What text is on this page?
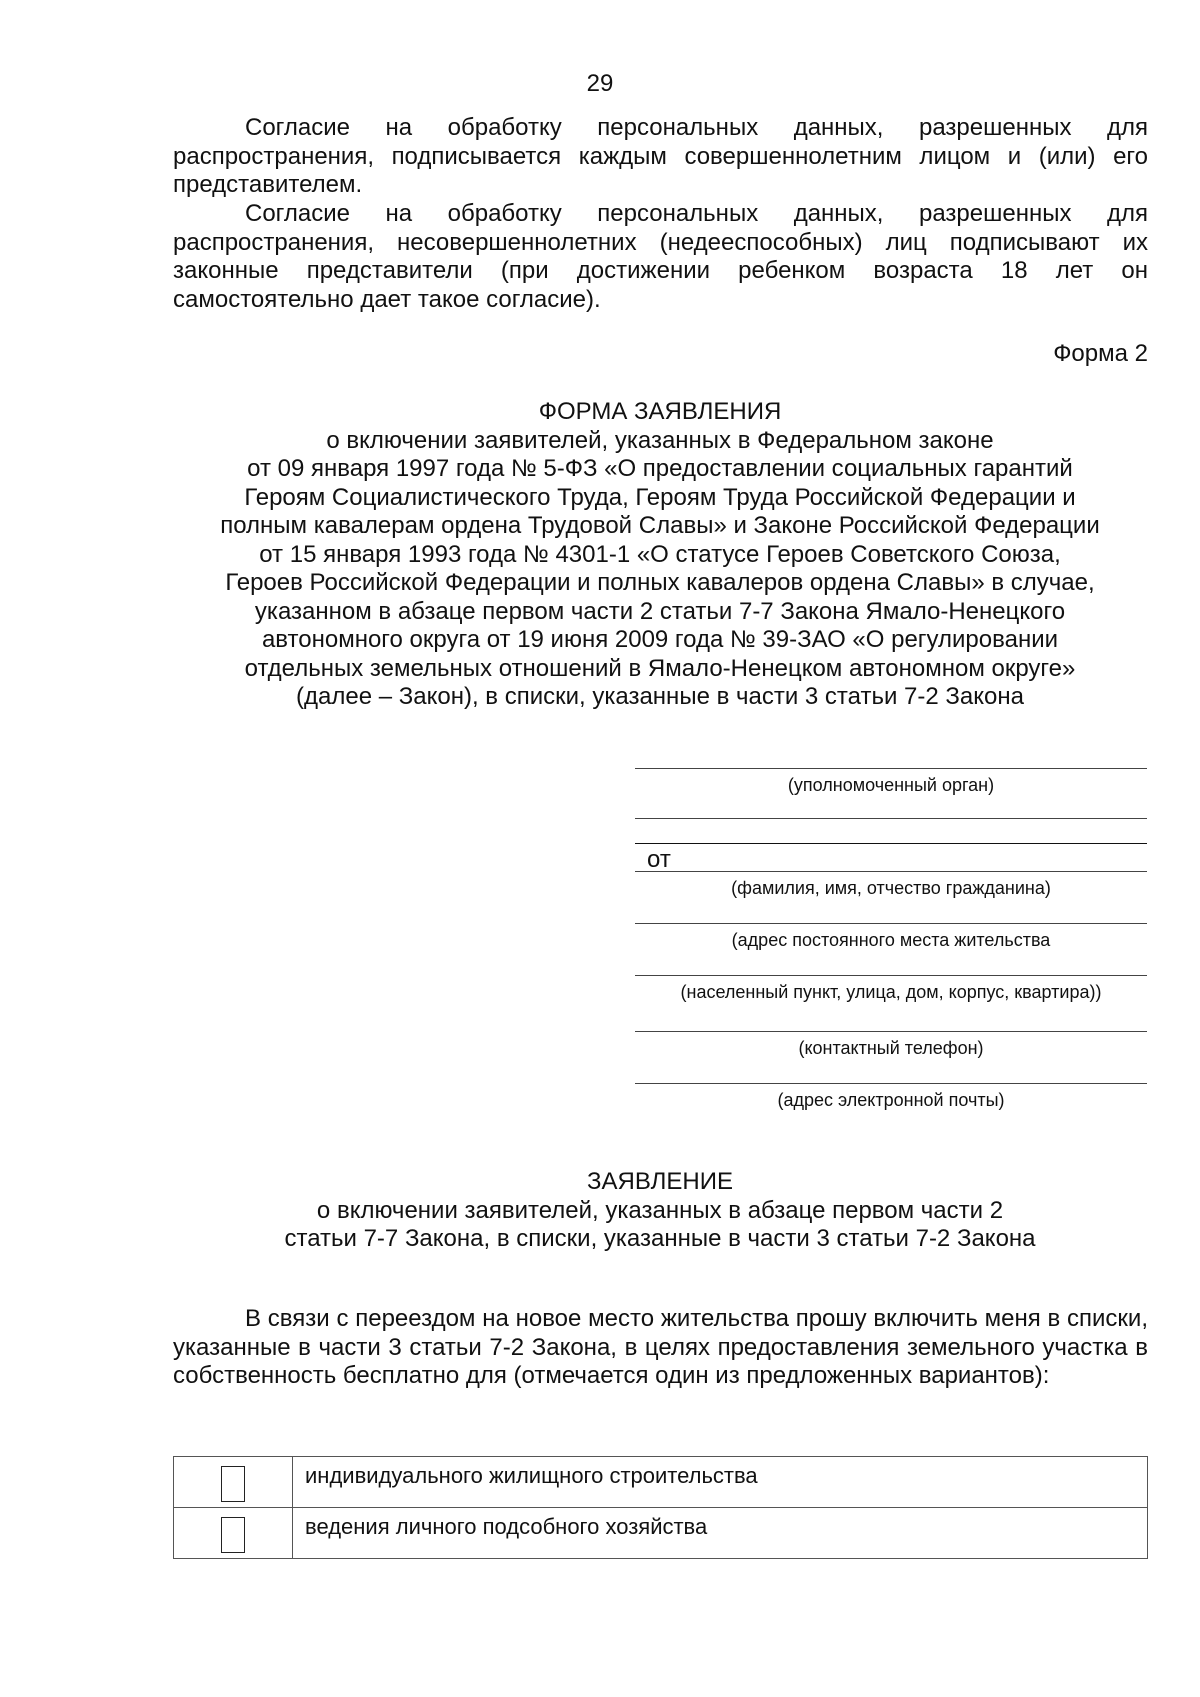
29

Согласие на обработку персональных данных, разрешенных для распространения, подписывается каждым совершеннолетним лицом и (или) его представителем.

Согласие на обработку персональных данных, разрешенных для распространения, несовершеннолетних (недееспособных) лиц подписывают их законные представители (при достижении ребенком возраста 18 лет он самостоятельно дает такое согласие).

Форма 2
ФОРМА ЗАЯВЛЕНИЯ
о включении заявителей, указанных в Федеральном законе
от 09 января 1997 года № 5-ФЗ «О предоставлении социальных гарантий
Героям Социалистического Труда, Героям Труда Российской Федерации и
полным кавалерам ордена Трудовой Славы» и Законе Российской Федерации
от 15 января 1993 года № 4301-1 «О статусе Героев Советского Союза,
Героев Российской Федерации и полных кавалеров ордена Славы» в случае,
указанном в абзаце первом части 2 статьи 7-7 Закона Ямало-Ненецкого
автономного округа от 19 июня 2009 года № 39-ЗАО «О регулировании
отдельных земельных отношений в Ямало-Ненецком автономном округе»
(далее – Закон), в списки, указанные в части 3 статьи 7-2 Закона
(уполномоченный орган)
от
(фамилия, имя, отчество гражданина)
(адрес постоянного места жительства
(населенный пункт, улица, дом, корпус, квартира))
(контактный телефон)
(адрес электронной почты)
ЗАЯВЛЕНИЕ
о включении заявителей, указанных в абзаце первом части 2
статьи 7-7 Закона, в списки, указанные в части 3 статьи 7-2 Закона

В связи с переездом на новое место жительства прошу включить меня в списки, указанные в части 3 статьи 7-2 Закона, в целях предоставления земельного участка в собственность бесплатно для (отмечается один из предложенных вариантов):

	индивидуального жилищного строительства
	ведения личного подсобного хозяйства
